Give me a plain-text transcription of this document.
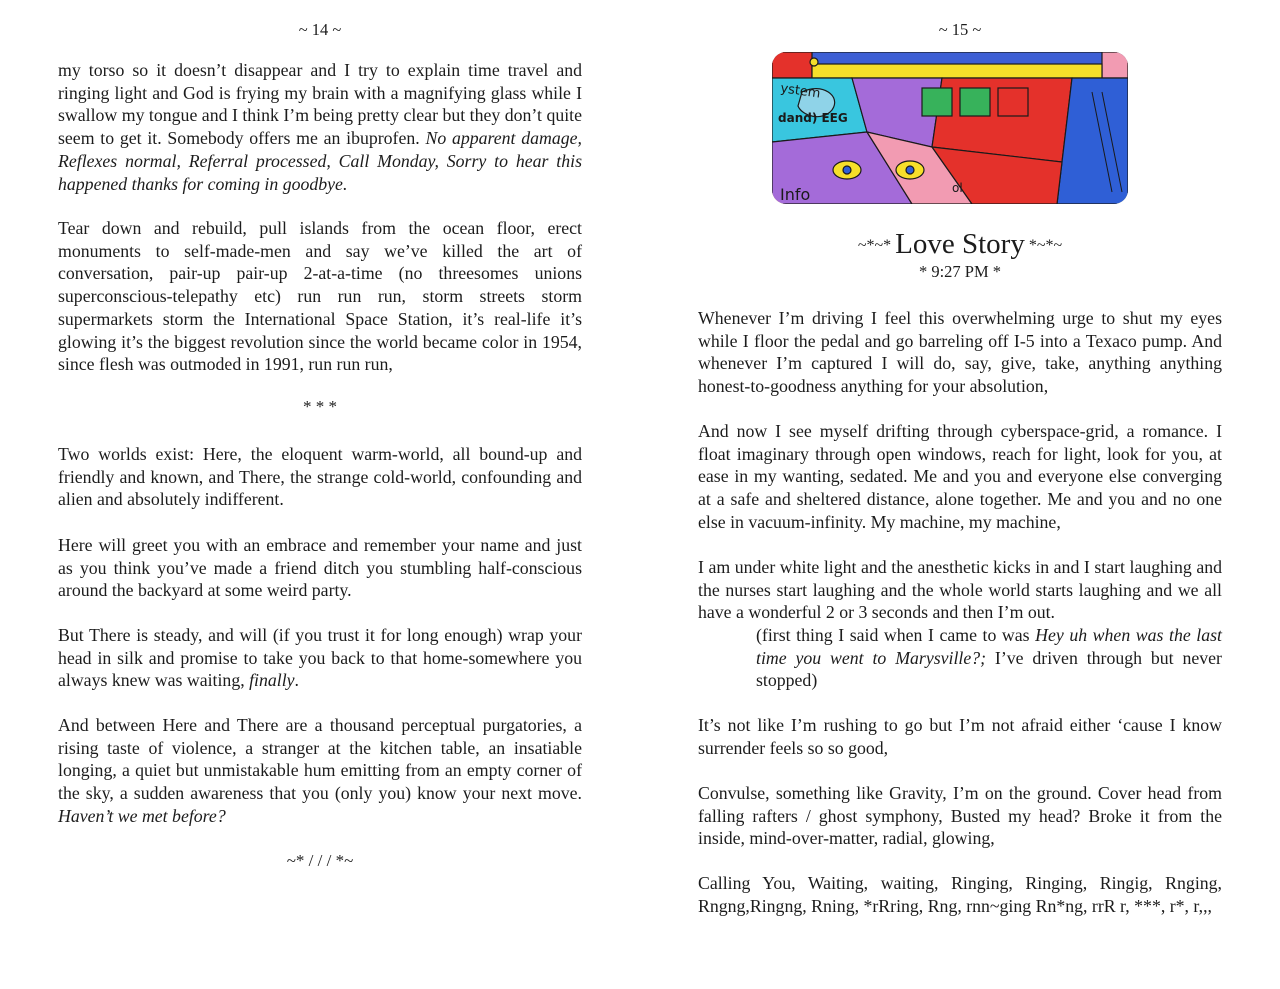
~ 14 ~

my torso so it doesn’t disappear and I try to explain time travel and ringing light and God is frying my brain with a magnifying glass while I swallow my tongue and I think I’m being pretty clear but they don’t quite seem to get it. Somebody offers me an ibuprofen. No apparent damage, Reflexes normal, Referral processed, Call Monday, Sorry to hear this happened thanks for coming in goodbye.

Tear down and rebuild, pull islands from the ocean floor, erect monuments to self-made-men and say we’ve killed the art of conversation, pair-up pair-up 2-at-a-time (no threesomes unions superconscious-telepathy etc) run run run, storm streets storm supermarkets storm the International Space Station, it’s real-life it’s glowing it’s the biggest revolution since the world became color in 1954, since flesh was outmoded in 1991, run run run,

* * *

Two worlds exist: Here, the eloquent warm-world, all bound-up and friendly and known, and There, the strange cold-world, confounding and alien and absolutely indifferent.

Here will greet you with an embrace and remember your name and just as you think you’ve made a friend ditch you stumbling half-conscious around the backyard at some weird party.

But There is steady, and will (if you trust it for long enough) wrap your head in silk and promise to take you back to that home-somewhere you always knew was waiting, finally.

And between Here and There are a thousand perceptual purgatories, a rising taste of violence, a stranger at the kitchen table, an insatiable longing, a quiet but unmistakable hum emitting from an empty corner of the sky, a sudden awareness that you (only you) know your next move. Haven’t we met before?

~* / / / *~
~ 15 ~
ystem
dand) EEG
Info	ol
~*~* Love Story *~*~
* 9:27 PM *

Whenever I’m driving I feel this overwhelming urge to shut my eyes while I floor the pedal and go barreling off I-5 into a Texaco pump. And whenever I’m captured I will do, say, give, take, anything anything honest-to-goodness anything for your absolution,

And now I see myself drifting through cyberspace-grid, a romance. I float imaginary through open windows, reach for light, look for you, at ease in my wanting, sedated. Me and you and everyone else converging at a safe and sheltered distance, alone together. Me and you and no one else in vacuum-infinity. My machine, my machine,

I am under white light and the anesthetic kicks in and I start laughing and the nurses start laughing and the whole world starts laughing and we all have a wonderful 2 or 3 seconds and then I’m out.

(first thing I said when I came to was Hey uh when was the last time you went to Marysville?; I’ve driven through but never stopped)

It’s not like I’m rushing to go but I’m not afraid either ‘cause I know surrender feels so so good,

Convulse, something like Gravity, I’m on the ground. Cover head from falling rafters / ghost symphony, Busted my head? Broke it from the inside, mind-over-matter, radial, glowing,

Calling You, Waiting, waiting, Ringing, Ringing, Ringig, Rnging, Rngng,Ringng, Rning, *rRring, Rng, rnn~ging Rn*ng, rrR r, ***, r*, r,,,
